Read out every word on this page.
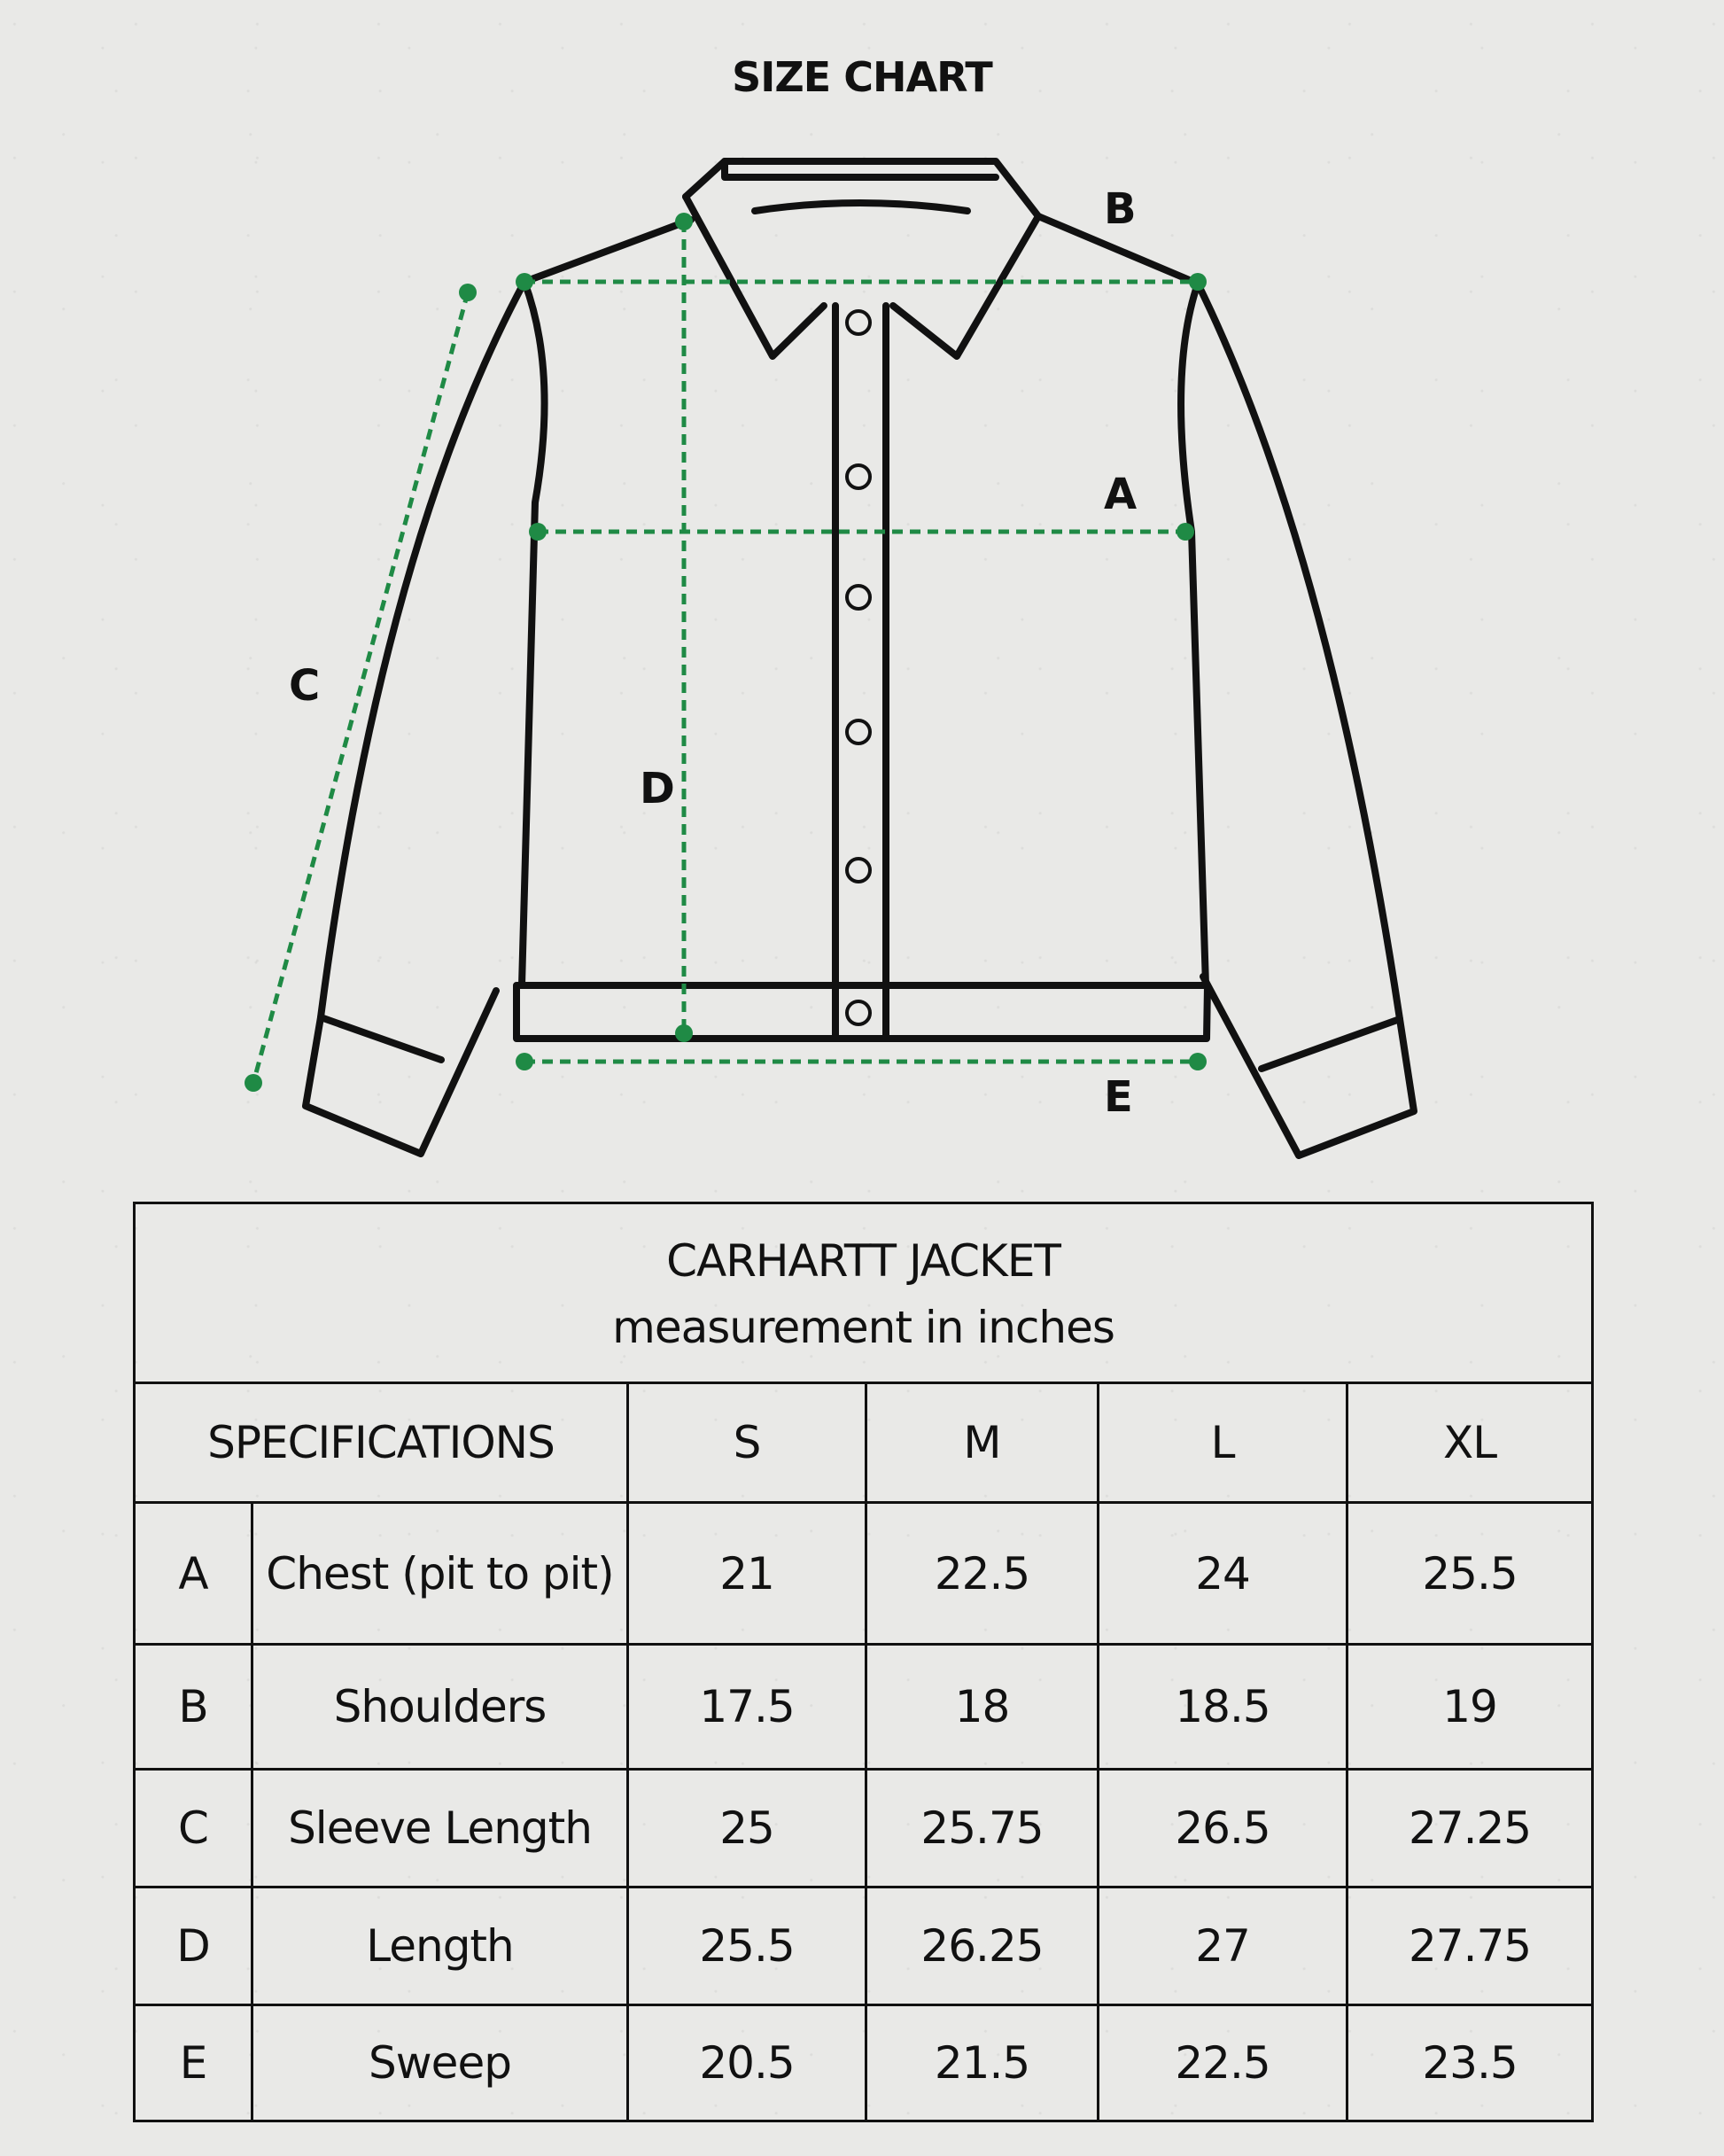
SIZE CHART
A
B
C
D
E
CARHARTT JACKET
measurement in inches					

SPECIFICATIONS		S	M	L	XL
A	Chest (pit to pit)	21	22.5	24	25.5
B	Shoulders	17.5	18	18.5	19
C	Sleeve Length	25	25.75	26.5	27.25
D	Length	25.5	26.25	27	27.75
E	Sweep	20.5	21.5	22.5	23.5
